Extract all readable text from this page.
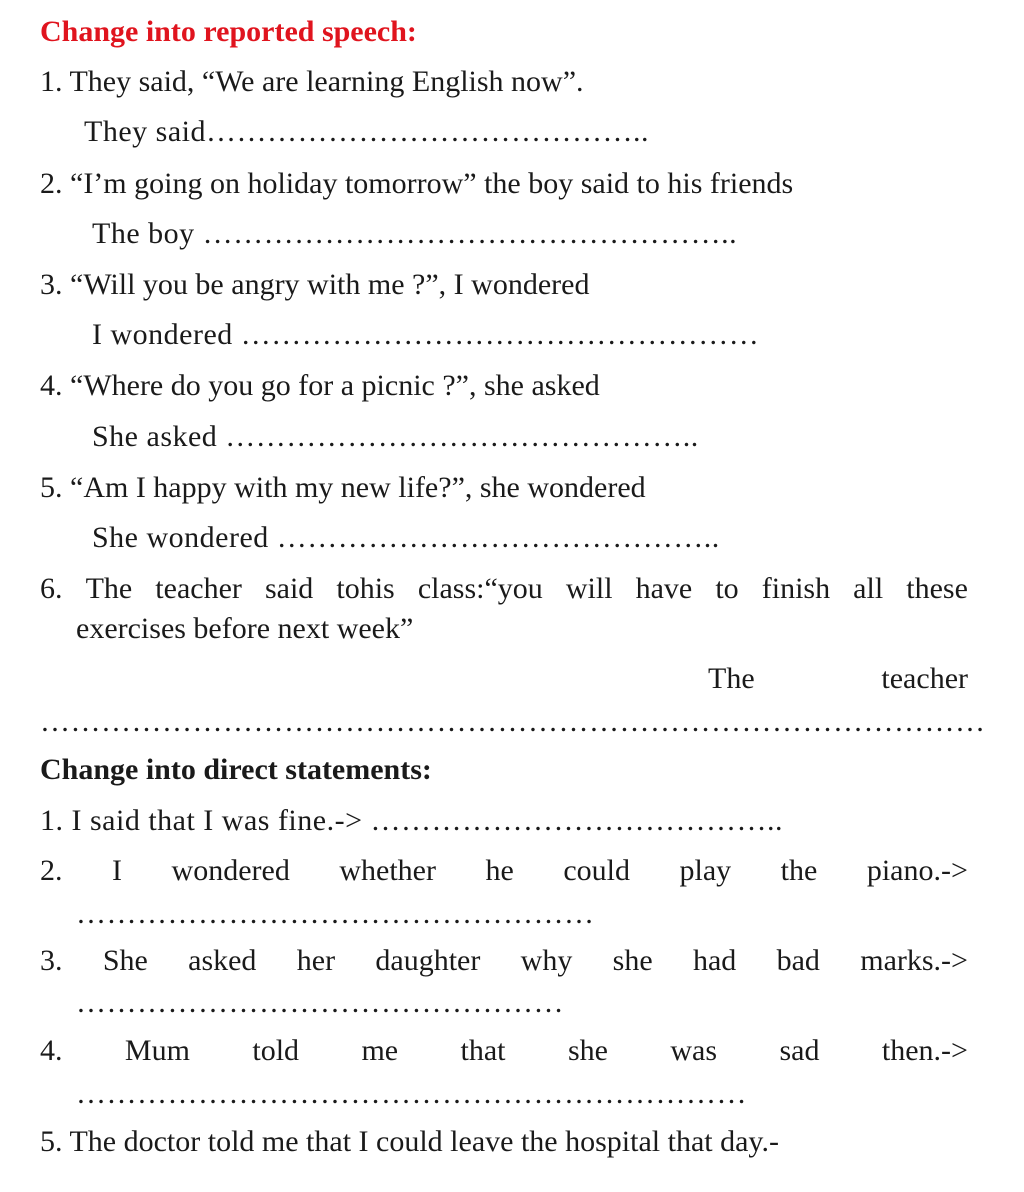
Change into reported speech:
1. They said, “We are learning English now”.
They said……………………………………..
2. “I’m going on holiday tomorrow” the boy said to his friends
The boy ……………………………………………..
3. “Will you be angry with me ?”, I wondered
I wondered ……………………………………………
4. “Where do you go for a picnic ?”, she asked
She asked ………………………………………..
5. “Am I happy with my new life?”, she wondered
She wondered ……………………………………..
6. The teacher said tohis class:“you will have to finish all these
exercises before next week”
The	teacher
…………………………………………………………………………………
Change into direct statements:
1. I said that I was fine.-> …………………………………..
2. I wondered whether he could play the piano.->
……………………………………………
3. She asked her daughter why she had bad marks.->
…………………………………………
4. Mum told me that she was sad then.->
…………………………………………………………
5. The doctor told me that I could leave the hospital that day.-
